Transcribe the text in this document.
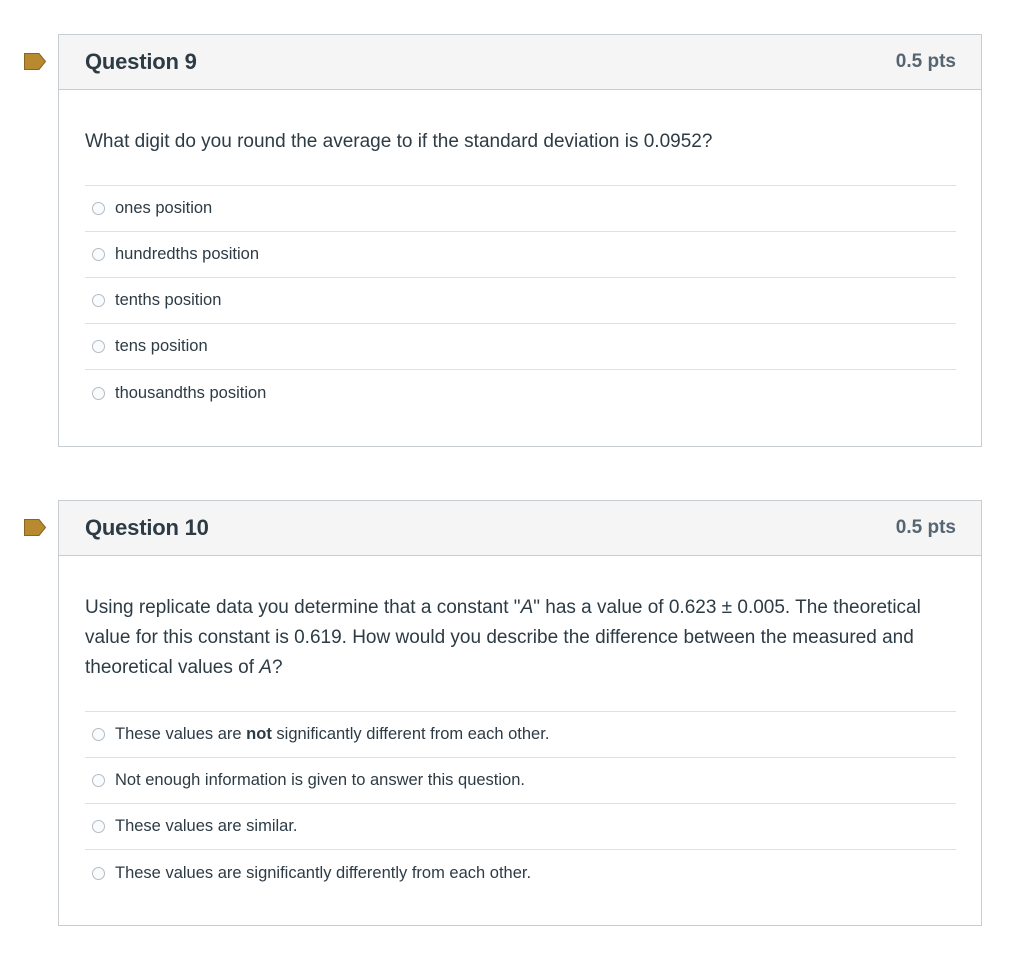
Question 9	0.5 pts
What digit do you round the average to if the standard deviation is 0.0952?
ones position
hundredths position
tenths position
tens position
thousandths position
Question 10	0.5 pts
Using replicate data you determine that a constant "A" has a value of 0.623 ± 0.005. The theoretical value for this constant is 0.619. How would you describe the difference between the measured and theoretical values of A?
These values are not significantly different from each other.
Not enough information is given to answer this question.
These values are similar.
These values are significantly differently from each other.
